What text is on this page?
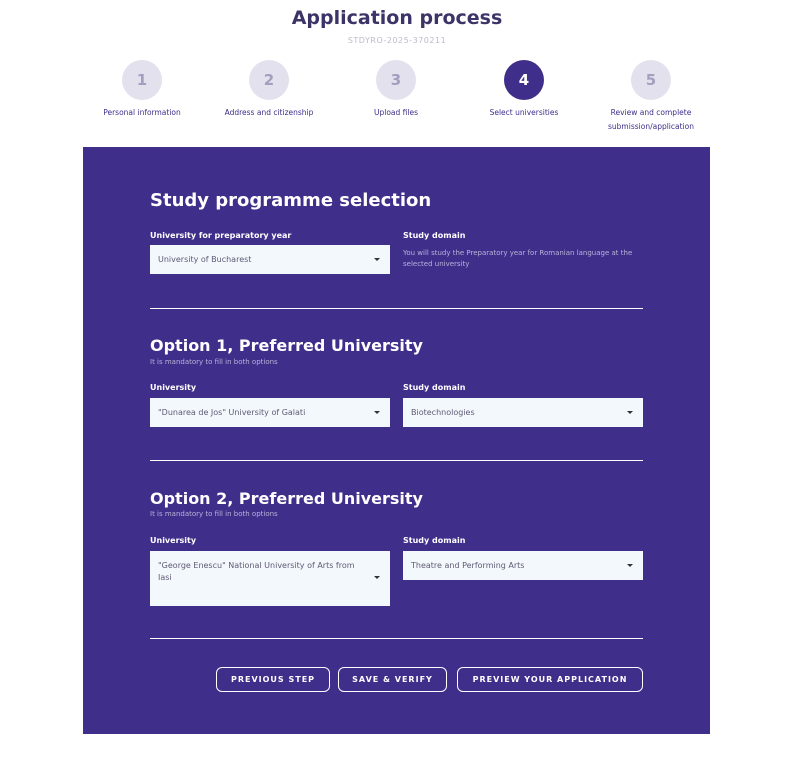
Application process
STDYRO-2025-370211
1
Personal information
2
Address and citizenship
3
Upload files
4
Select universities
5
Review and complete submission/application
Study programme selection
University for preparatory year
University of Bucharest
Study domain
You will study the Preparatory year for Romanian language at the selected university
Option 1, Preferred University
It is mandatory to fill in both options
University
"Dunarea de Jos" University of Galati
Study domain
Biotechnologies
Option 2, Preferred University
It is mandatory to fill in both options
University
"George Enescu" National University of Arts from Iasi
Study domain
Theatre and Performing Arts
PREVIOUS STEP	SAVE & VERIFY	PREVIEW YOUR APPLICATION
